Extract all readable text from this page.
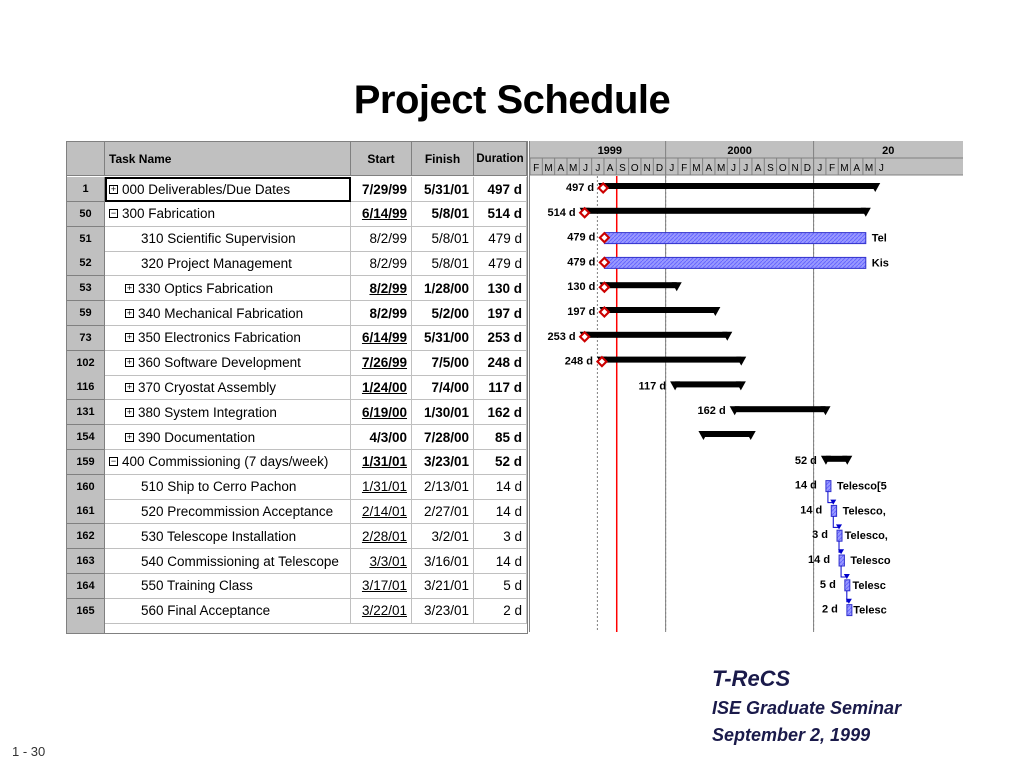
Project Schedule
Task Name	Start	Finish Duration
1 + 000 Deliverables/Due Dates	7/29/99 5/31/01 497 d
50 − 300 Fabrication	6/14/99 5/8/01 514 d
51	310 Scientific Supervision	8/2/99 5/8/01 479 d
52	320 Project Management	8/2/99 5/8/01 479 d
53	+ 330 Optics Fabrication	8/2/99 1/28/00 130 d
59	+ 340 Mechanical Fabrication	8/2/99 5/2/00 197 d
73	+ 350 Electronics Fabrication	6/14/99 5/31/00 253 d
102	+ 360 Software Development	7/26/99 7/5/00 248 d
116	+ 370 Cryostat Assembly	1/24/00 7/4/00 117 d
131	+ 380 System Integration	6/19/00 1/30/01 162 d
154	+ 390 Documentation	4/3/00 7/28/00 85 d
159 − 400 Commissioning (7 days/week) 1/31/01 3/23/01 52 d
160	510 Ship to Cerro Pachon	1/31/01 2/13/01 14 d
161	520 Precommission Acceptance 2/14/01 2/27/01 14 d
162	530 Telescope Installation	2/28/01 3/2/01	3 d
163	540 Commissioning at Telescope 3/3/01 3/16/01 14 d
164	550 Training Class	3/17/01 3/21/01	5 d
165	560 Final Acceptance	3/22/01 3/23/01	2 d
1999	2000	20
F M A M J J A S O N D J F M A M J J A S O N D J F M A M J
497 d
514 d
479 d	Tel
479 d	Kis
130 d
197 d
253 d
248 d
117 d
162 d
52 d
14 d Telesco[5
14 d Telesco,
3 d Telesco,
14 d Telesco
5 d Telesc
2 d Telesc
T-ReCS
ISE Graduate Seminar
September 2, 1999
1 - 30
